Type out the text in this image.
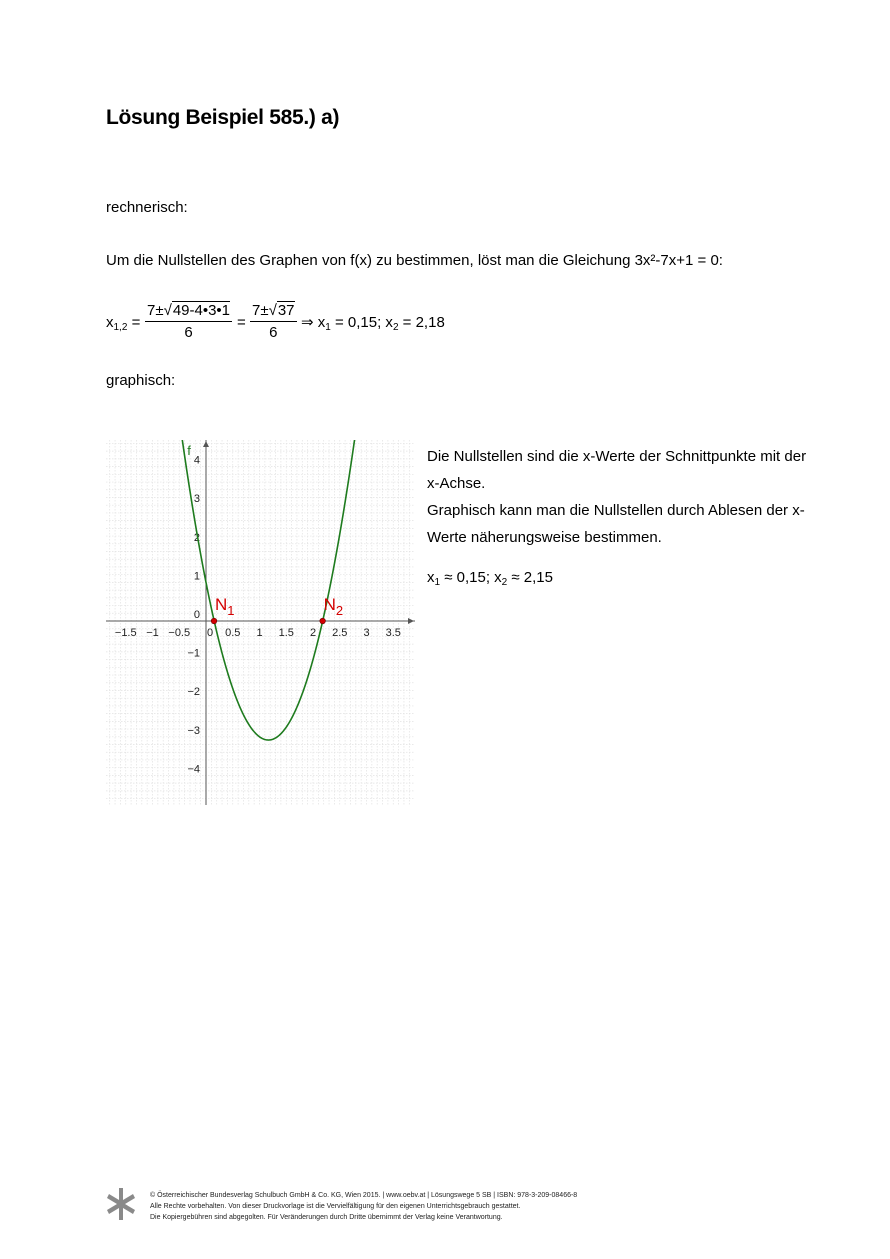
Lösung Beispiel 585.) a)
rechnerisch:
Um die Nullstellen des Graphen von f(x) zu bestimmen, löst man die Gleichung 3x²-7x+1 = 0:
$x_{1,2}$ =
7±√49-4•3•1
6
=
7±√37
6
⇒ $x_1 = 0,15$; $x_2 = 2,18$
graphisch:
−1.5 −1 −0.5 0 0.5 1 1.5 2 2.5 3 3.5
4
3
2
1
0
−1
−2
−3
−4
f
$N_1$	$N_2$
Die Nullstellen sind die x-Werte der Schnittpunkte mit der x-Achse.
Graphisch kann man die Nullstellen durch Ablesen der x-Werte näherungsweise bestimmen.
$x_1 \approx 0,15$; $x_2 \approx 2,15$
© Österreichischer Bundesverlag Schulbuch GmbH & Co. KG, Wien 2015. | www.oebv.at | Lösungswege 5 SB | ISBN: 978-3-209-08466-8
Alle Rechte vorbehalten. Von dieser Druckvorlage ist die Vervielfältigung für den eigenen Unterrichtsgebrauch gestattet.
Die Kopiergebühren sind abgegolten. Für Veränderungen durch Dritte übernimmt der Verlag keine Verantwortung.
